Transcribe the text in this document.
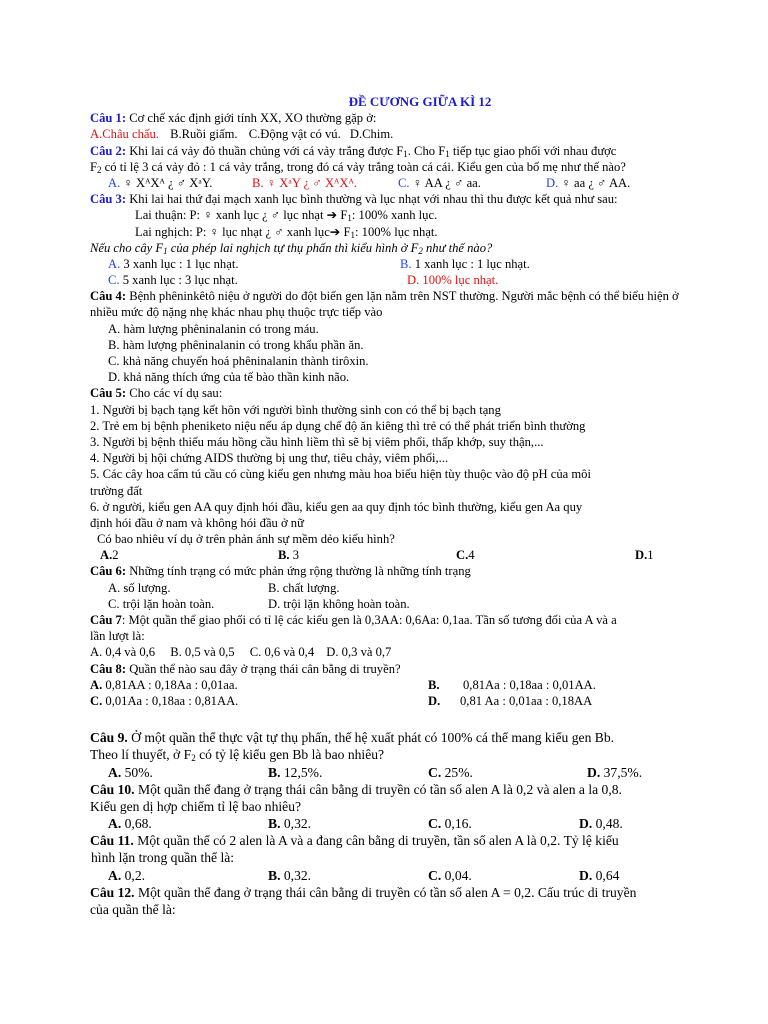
ĐỀ CƯƠNG GIỮA KÌ 12
Câu 1: Cơ chế xác định giới tính XX, XO thường gặp ở:
A.Châu chấu. B.Ruồi giấm. C.Động vật có vú. D.Chim.
Câu 2: Khi lai cá vảy đỏ thuần chủng với cá vảy trắng được $F_1$. Cho $F_1$ tiếp tục giao phối với nhau được
$F_2$ có tỉ lệ 3 cá vảy đỏ : 1 cá vảy trắng, trong đó cá vảy trắng toàn cá cái. Kiểu gen của bố mẹ như thế nào?
A. ♀ XᴬXᴬ ¿ ♂ XᵃY.	B. ♀ XᵃY ¿ ♂ XᴬXᴬ.	C. ♀ AA ¿ ♂ aa.	D. ♀ aa ¿ ♂ AA.
Câu 3: Khi lai hai thứ đại mạch xanh lục bình thường và lục nhạt với nhau thì thu được kết quả như sau:
Lai thuận: P: ♀ xanh lục ¿ ♂ lục nhạt ➔ $F_1$: 100% xanh lục.
Lai nghịch: P: ♀ lục nhạt ¿ ♂ xanh lục➔ $F_1$: 100% lục nhạt.
Nếu cho cây $F_1$ của phép lai nghịch tự thụ phấn thì kiểu hình ở $F_2$ như thế nào?
A. 3 xanh lục : 1 lục nhạt.	B. 1 xanh lục : 1 lục nhạt.
C. 5 xanh lục : 3 lục nhạt.	D. 100% lục nhạt.
Câu 4: Bệnh phêninkêtô niệu ở người do đột biến gen lặn nằm trên NST thường. Người mắc bệnh có thể biểu hiện ở nhiều mức độ nặng nhẹ khác nhau phụ thuộc trực tiếp vào
A. hàm lượng phêninalanin có trong máu.
B. hàm lượng phêninalanin có trong khẩu phần ăn.
C. khả năng chuyển hoá phêninalanin thành tirôxin.
D. khả năng thích ứng của tế bào thần kinh não.
Câu 5: Cho các ví dụ sau:
1. Người bị bạch tạng kết hôn với người bình thường sinh con có thể bị bạch tạng
2. Trẻ em bị bệnh pheniketo niệu nếu áp dụng chế độ ăn kiêng thì trẻ có thể phát triển bình thường
3. Người bị bệnh thiếu máu hồng cầu hình liềm thì sẽ bị viêm phổi, thấp khớp, suy thận,...
4. Người bị hội chứng AIDS thường bị ung thư, tiêu chảy, viêm phổi,...
5. Các cây hoa cẩm tú cầu có cùng kiểu gen nhưng màu hoa biểu hiện tùy thuộc vào độ pH của môi
trường đất
6. ở người, kiểu gen AA quy định hói đầu, kiểu gen aa quy định tóc bình thường, kiểu gen Aa quy
định hói đầu ở nam và không hói đầu ở nữ
Có bao nhiêu ví dụ ở trên phản ánh sự mềm dẻo kiểu hình?
A.2	B. 3	C.4	D.1
Câu 6: Những tính trạng có mức phản ứng rộng thường là những tính trạng
A. số lượng.	B. chất lượng.
C. trội lặn hoàn toàn.	D. trội lặn không hoàn toàn.
Câu 7: Một quần thể giao phối có tỉ lệ các kiểu gen là 0,3AA: 0,6Aa: 0,1aa. Tần số tương đối của A và a
lần lượt là:
A. 0,4 và 0,6 B. 0,5 và 0,5 C. 0,6 và 0,4 D. 0,3 và 0,7
Câu 8: Quần thể nào sau đây ở trạng thái cân bằng di truyền?
A. 0,81AA : 0,18Aa : 0,01aa.	B. 0,81Aa : 0,18aa : 0,01AA.
C. 0,01Aa : 0,18aa : 0,81AA.	D. 0,81 Aa : 0,01aa : 0,18AA
Câu 9. Ở một quần thể thực vật tự thụ phấn, thế hệ xuất phát có 100% cá thể mang kiểu gen Bb.
Theo lí thuyết, ở $F_2$ có tỷ lệ kiểu gen Bb là bao nhiêu?
A. 50%.	B. 12,5%.	C. 25%.	D. 37,5%.
Câu 10. Một quần thể đang ở trạng thái cân bằng di truyền có tần số alen A là 0,2 và alen a la 0,8.
Kiểu gen dị hợp chiếm tỉ lệ bao nhiêu?
A. 0,68.	B. 0,32.	C. 0,16.	D. 0,48.
Câu 11. Một quần thể có 2 alen là A và a đang cân bằng di truyền, tần số alen A là 0,2. Tỷ lệ kiểu
hình lặn trong quần thể là:
A. 0,2.	B. 0,32.	C. 0,04.	D. 0,64
Câu 12. Một quần thể đang ở trạng thái cân bằng di truyền có tần số alen A = 0,2. Cấu trúc di truyền
của quần thể là:
